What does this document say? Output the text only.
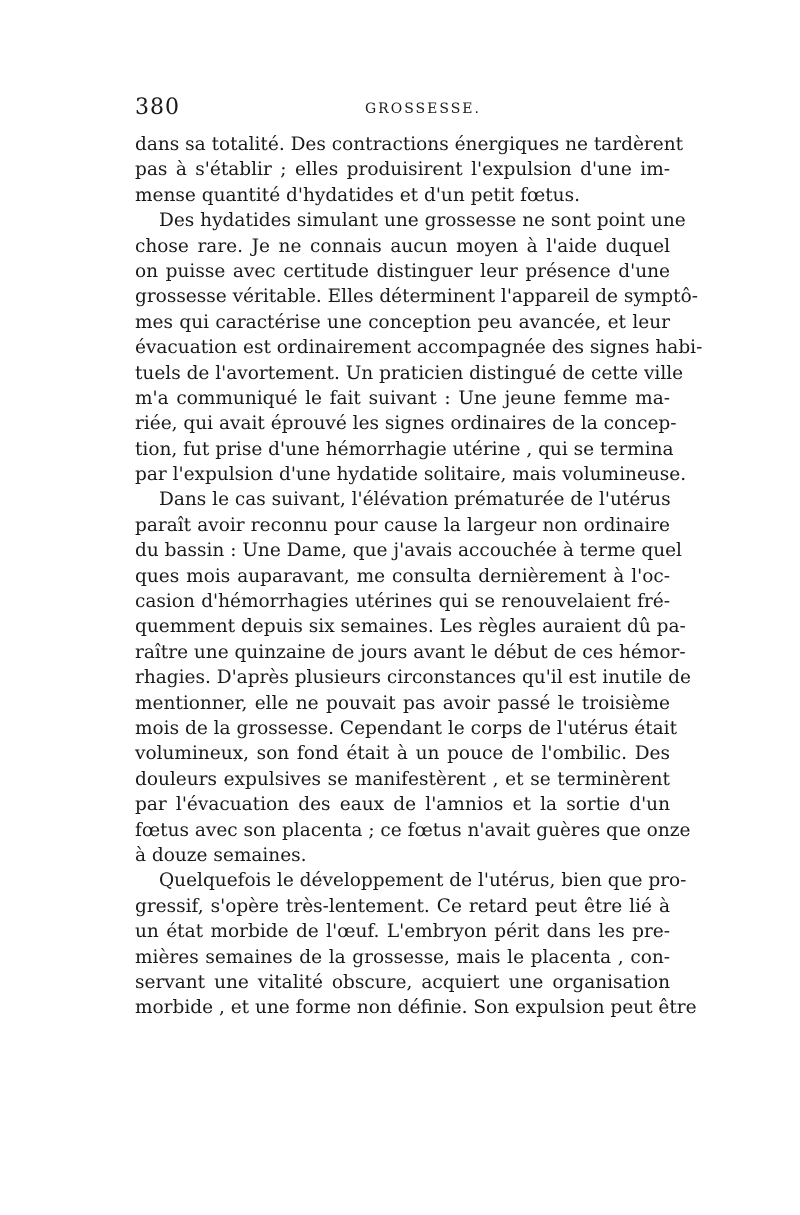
380	GROSSESSE.
dans sa totalité. Des contractions énergiques ne tardèrent
pas à s'établir ; elles produisirent l'expulsion d'une im-
mense quantité d'hydatides et d'un petit fœtus.
Des hydatides simulant une grossesse ne sont point une
chose rare. Je ne connais aucun moyen à l'aide duquel
on puisse avec certitude distinguer leur présence d'une
grossesse véritable. Elles déterminent l'appareil de symptô-
mes qui caractérise une conception peu avancée, et leur
évacuation est ordinairement accompagnée des signes habi-
tuels de l'avortement. Un praticien distingué de cette ville
m'a communiqué le fait suivant : Une jeune femme ma-
riée, qui avait éprouvé les signes ordinaires de la concep-
tion, fut prise d'une hémorrhagie utérine , qui se termina
par l'expulsion d'une hydatide solitaire, mais volumineuse.
Dans le cas suivant, l'élévation prématurée de l'utérus
paraît avoir reconnu pour cause la largeur non ordinaire
du bassin : Une Dame, que j'avais accouchée à terme quel
ques mois auparavant, me consulta dernièrement à l'oc-
casion d'hémorrhagies utérines qui se renouvelaient fré-
quemment depuis six semaines. Les règles auraient dû pa-
raître une quinzaine de jours avant le début de ces hémor-
rhagies. D'après plusieurs circonstances qu'il est inutile de
mentionner, elle ne pouvait pas avoir passé le troisième
mois de la grossesse. Cependant le corps de l'utérus était
volumineux, son fond était à un pouce de l'ombilic. Des
douleurs expulsives se manifestèrent , et se terminèrent
par l'évacuation des eaux de l'amnios et la sortie d'un
fœtus avec son placenta ; ce fœtus n'avait guères que onze
à douze semaines.
Quelquefois le développement de l'utérus, bien que pro-
gressif, s'opère très-lentement. Ce retard peut être lié à
un état morbide de l'œuf. L'embryon périt dans les pre-
mières semaines de la grossesse, mais le placenta , con-
servant une vitalité obscure, acquiert une organisation
morbide , et une forme non définie. Son expulsion peut être
